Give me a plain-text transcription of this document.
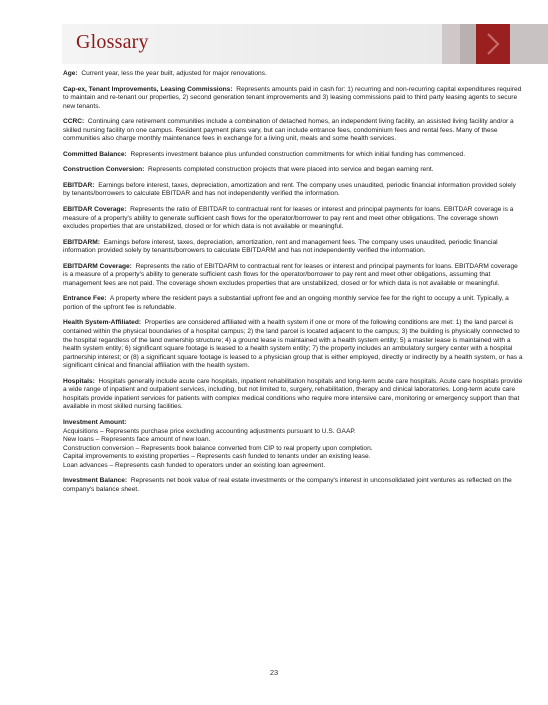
Glossary
Age: Current year, less the year built, adjusted for major renovations.
Cap-ex, Tenant Improvements, Leasing Commissions: Represents amounts paid in cash for: 1) recurring and non-recurring capital expenditures required to maintain and re-tenant our properties, 2) second generation tenant improvements and 3) leasing commissions paid to third party leasing agents to secure new tenants.
CCRC: Continuing care retirement communities include a combination of detached homes, an independent living facility, an assisted living facility and/or a skilled nursing facility on one campus. Resident payment plans vary, but can include entrance fees, condominium fees and rental fees. Many of these communities also charge monthly maintenance fees in exchange for a living unit, meals and some health services.
Committed Balance: Represents investment balance plus unfunded construction commitments for which initial funding has commenced.
Construction Conversion: Represents completed construction projects that were placed into service and began earning rent.
EBITDAR: Earnings before interest, taxes, depreciation, amortization and rent. The company uses unaudited, periodic financial information provided solely by tenants/borrowers to calculate EBITDAR and has not independently verified the information.
EBITDAR Coverage: Represents the ratio of EBITDAR to contractual rent for leases or interest and principal payments for loans. EBITDAR coverage is a measure of a property's ability to generate sufficient cash flows for the operator/borrower to pay rent and meet other obligations. The coverage shown excludes properties that are unstabilized, closed or for which data is not available or meaningful.
EBITDARM: Earnings before interest, taxes, depreciation, amortization, rent and management fees. The company uses unaudited, periodic financial information provided solely by tenants/borrowers to calculate EBITDARM and has not independently verified the information.
EBITDARM Coverage: Represents the ratio of EBITDARM to contractual rent for leases or interest and principal payments for loans. EBITDARM coverage is a measure of a property's ability to generate sufficient cash flows for the operator/borrower to pay rent and meet other obligations, assuming that management fees are not paid. The coverage shown excludes properties that are unstabilized, closed or for which data is not available or meaningful.
Entrance Fee: A property where the resident pays a substantial upfront fee and an ongoing monthly service fee for the right to occupy a unit. Typically, a portion of the upfront fee is refundable.
Health System-Affiliated: Properties are considered affiliated with a health system if one or more of the following conditions are met: 1) the land parcel is contained within the physical boundaries of a hospital campus; 2) the land parcel is located adjacent to the campus; 3) the building is physically connected to the hospital regardless of the land ownership structure; 4) a ground lease is maintained with a health system entity; 5) a master lease is maintained with a health system entity; 6) significant square footage is leased to a health system entity; 7) the property includes an ambulatory surgery center with a hospital partnership interest; or (8) a significant square footage is leased to a physician group that is either employed, directly or indirectly by a health system, or has a significant clinical and financial affiliation with the health system.
Hospitals: Hospitals generally include acute care hospitals, inpatient rehabilitation hospitals and long-term acute care hospitals. Acute care hospitals provide a wide range of inpatient and outpatient services, including, but not limited to, surgery, rehabilitation, therapy and clinical laboratories. Long-term acute care hospitals provide inpatient services for patients with complex medical conditions who require more intensive care, monitoring or emergency support than that available in most skilled nursing facilities.
Investment Amount:
Acquisitions – Represents purchase price excluding accounting adjustments pursuant to U.S. GAAP.
New loans – Represents face amount of new loan.
Construction conversion – Represents book balance converted from CIP to real property upon completion.
Capital improvements to existing properties – Represents cash funded to tenants under an existing lease.
Loan advances – Represents cash funded to operators under an existing loan agreement.
Investment Balance: Represents net book value of real estate investments or the company's interest in unconsolidated joint ventures as reflected on the company's balance sheet.
23
